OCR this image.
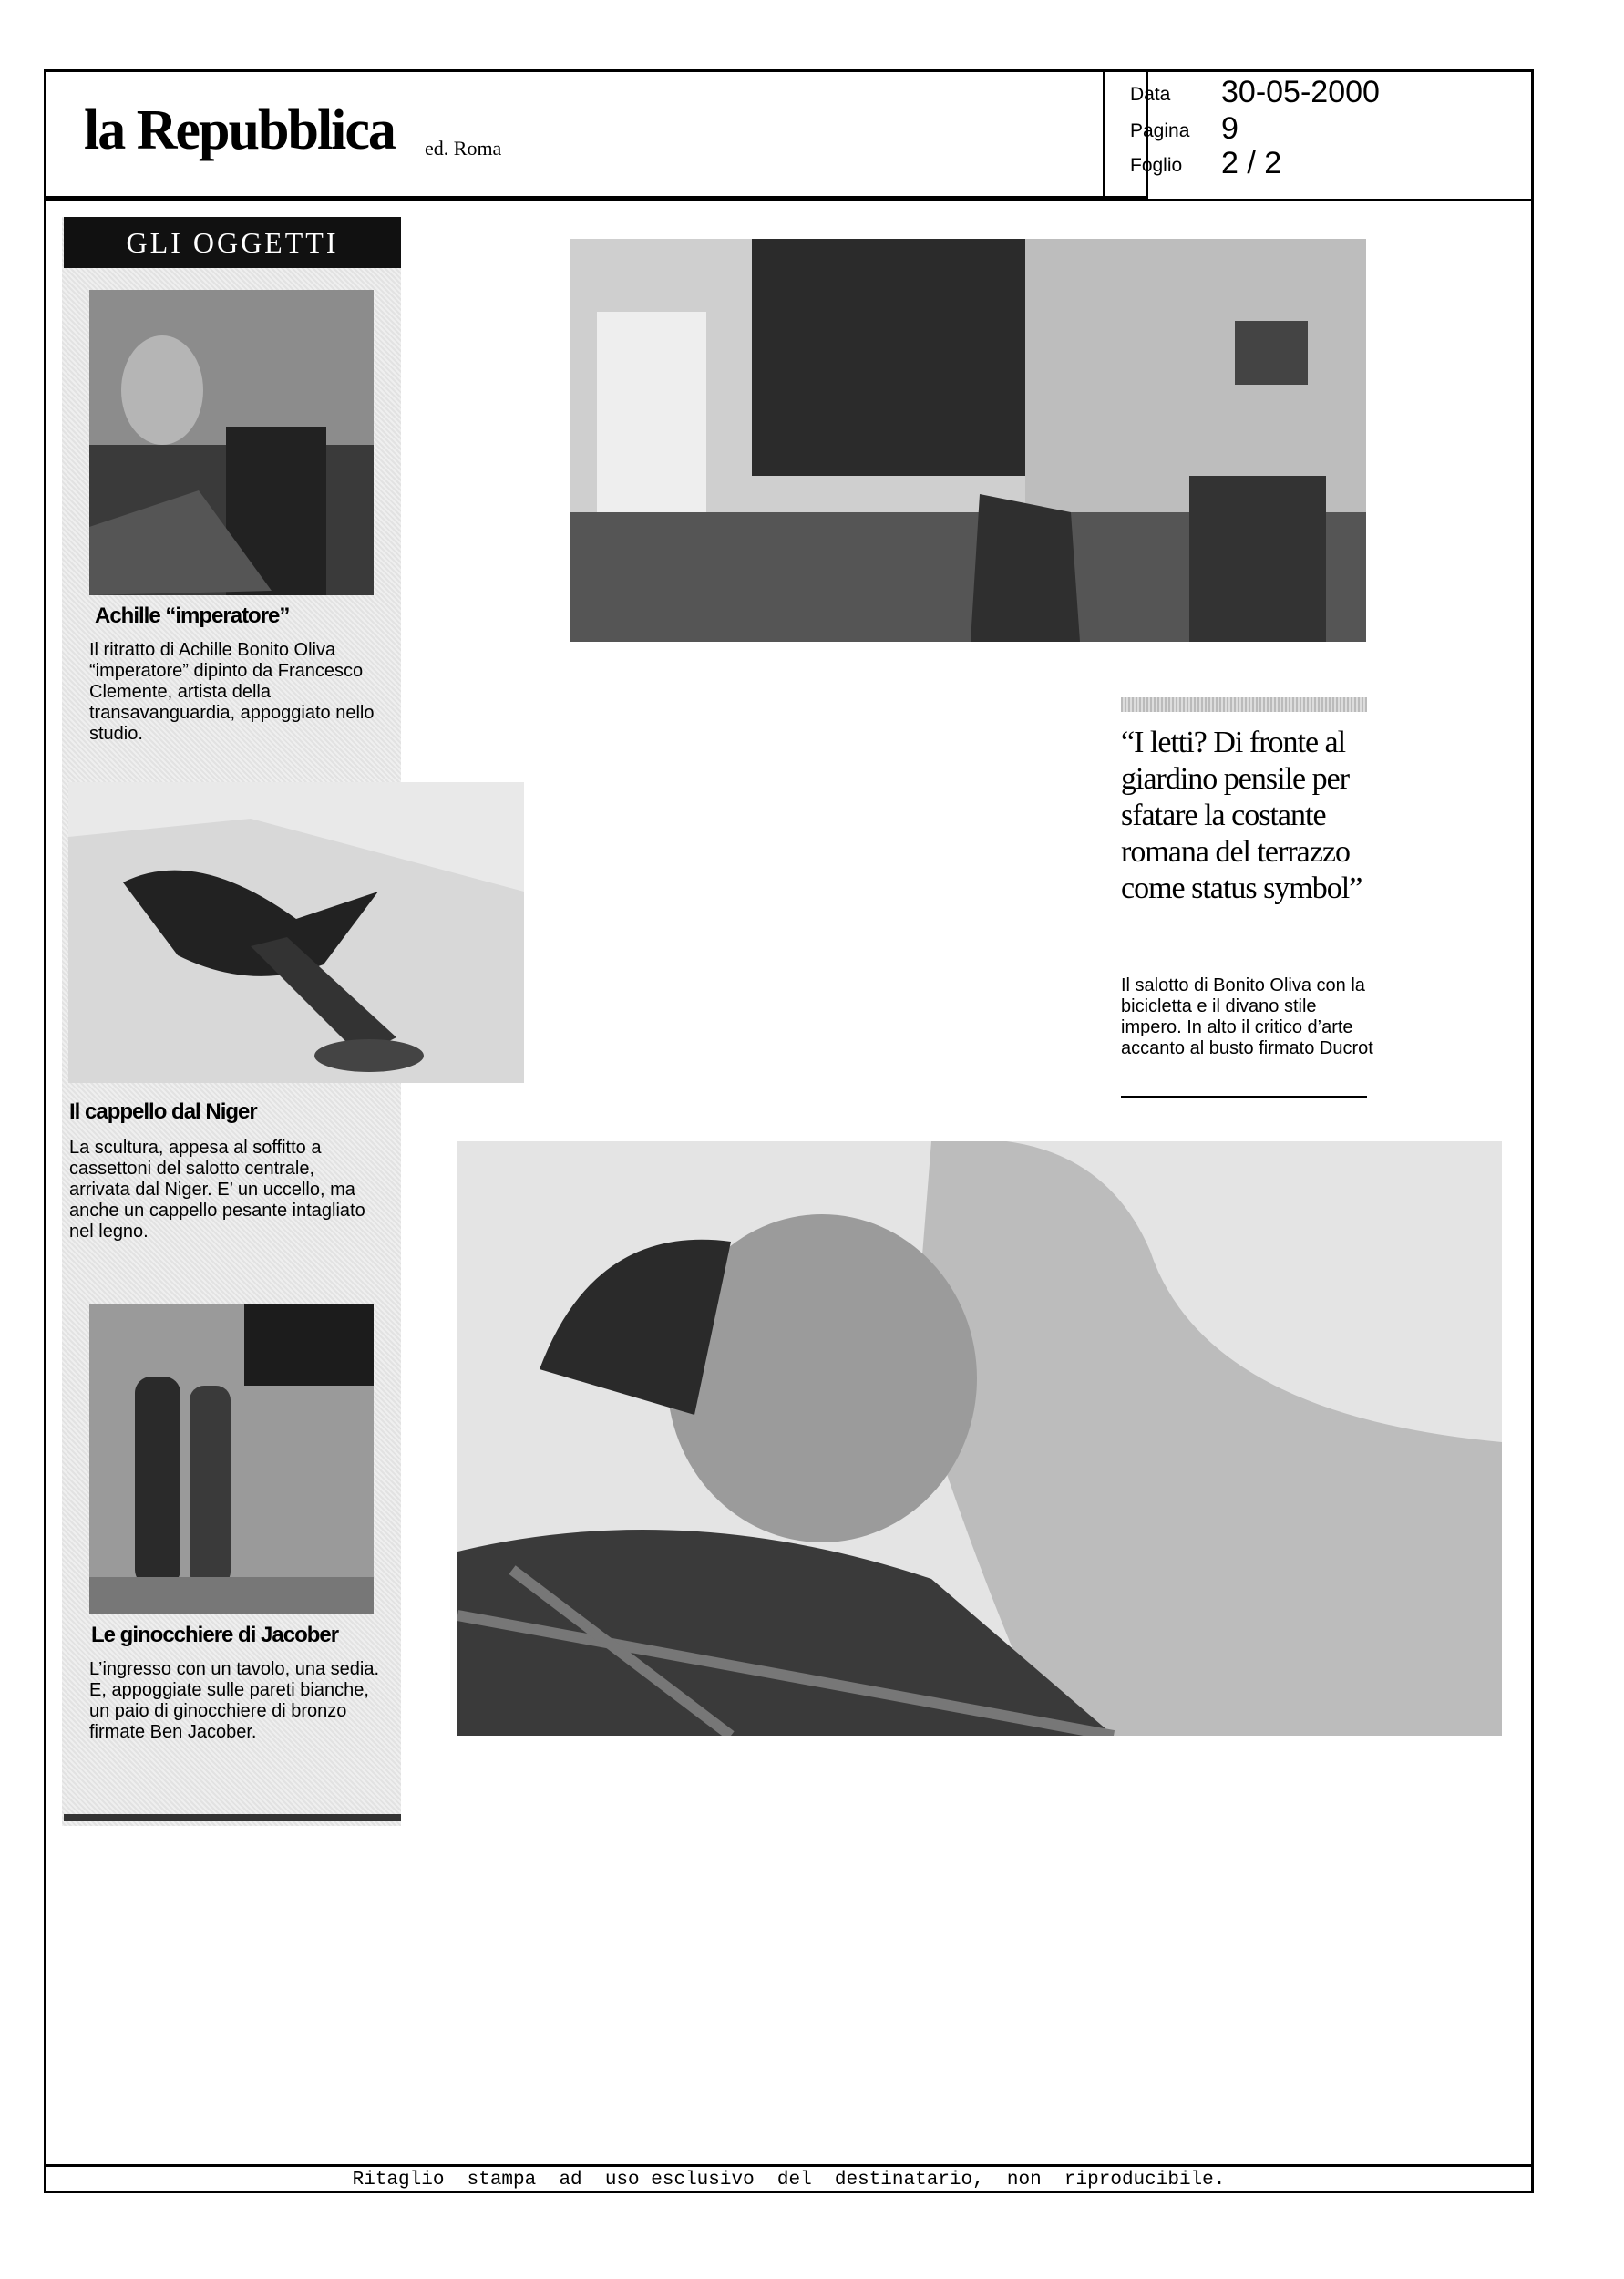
la Repubblica ed. Roma
Data 30-05-2000
Pagina 9
Foglio 2 / 2
GLI OGGETTI
Achille “imperatore”
Il ritratto di Achille Bonito Oliva “imperatore” dipinto da Francesco Clemente, artista della transavanguardia, appoggiato nello studio.
Il cappello dal Niger
La scultura, appesa al soffitto a cassettoni del salotto centrale, arrivata dal Niger. E’ un uccello, ma anche un cappello pesante intagliato nel legno.
Le ginocchiere di Jacober
L’ingresso con un tavolo, una sedia. E, appoggiate sulle pareti bianche, un paio di ginocchiere di bronzo firmate Ben Jacober.
“I letti? Di fronte al giardino pensile per sfatare la costante romana del terrazzo come status symbol”
Il salotto di Bonito Oliva con la bicicletta e il divano stile impero. In alto il critico d’arte accanto al busto firmato Ducrot
Ritaglio  stampa  ad  uso esclusivo  del  destinatario,  non  riproducibile.
